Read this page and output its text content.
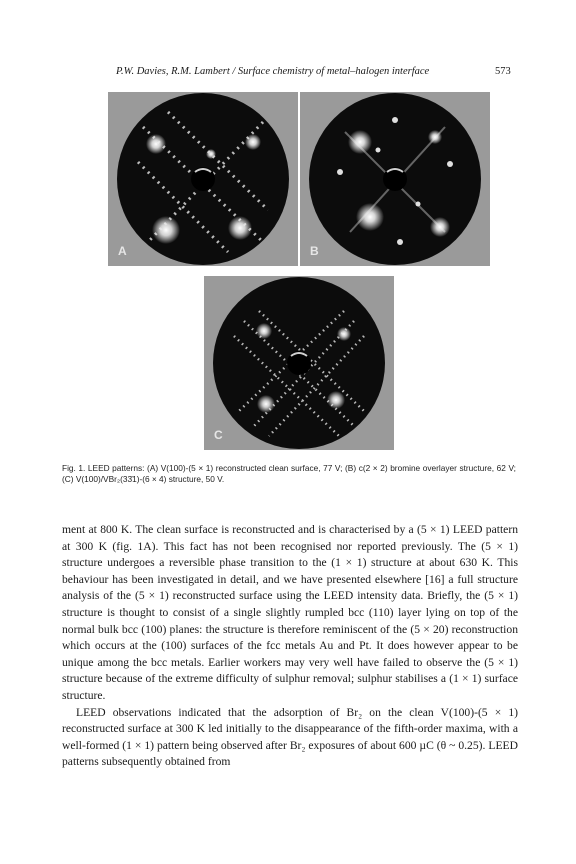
P.W. Davies, R.M. Lambert / Surface chemistry of metal–halogen interface	573
A	B
C
Fig. 1. LEED patterns: (A) V(100)-(5 × 1) reconstructed clean surface, 77 V; (B) c(2 × 2) bromine overlayer structure, 62 V; (C) V(100)/VBr₂(33̄1)-(6 × 4) structure, 50 V.

ment at 800 K. The clean surface is reconstructed and is characterised by a (5 × 1) LEED pattern at 300 K (fig. 1A). This fact has not been recognised nor reported previously. The (5 × 1) structure undergoes a reversible phase transition to the (1 × 1) structure at about 630 K. This behaviour has been investigated in detail, and we have presented elsewhere [16] a full structure analysis of the (5 × 1) reconstructed surface using the LEED intensity data. Briefly, the (5 × 1) structure is thought to consist of a single slightly rumpled bcc (110) layer lying on top of the normal bulk bcc (100) planes: the structure is therefore reminiscent of the (5 × 20) reconstruction which occurs at the (100) surfaces of the fcc metals Au and Pt. It does however appear to be unique among the bcc metals. Earlier workers may very well have failed to observe the (5 × 1) structure because of the extreme difficulty of sulphur removal; sulphur stabilises a (1 × 1) surface structure.

LEED observations indicated that the adsorption of Br₂ on the clean V(100)-(5 × 1) reconstructed surface at 300 K led initially to the disappearance of the fifth-order maxima, with a well-formed (1 × 1) pattern being observed after Br₂ exposures of about 600 µC (θ ~ 0.25). LEED patterns subsequently obtained from
